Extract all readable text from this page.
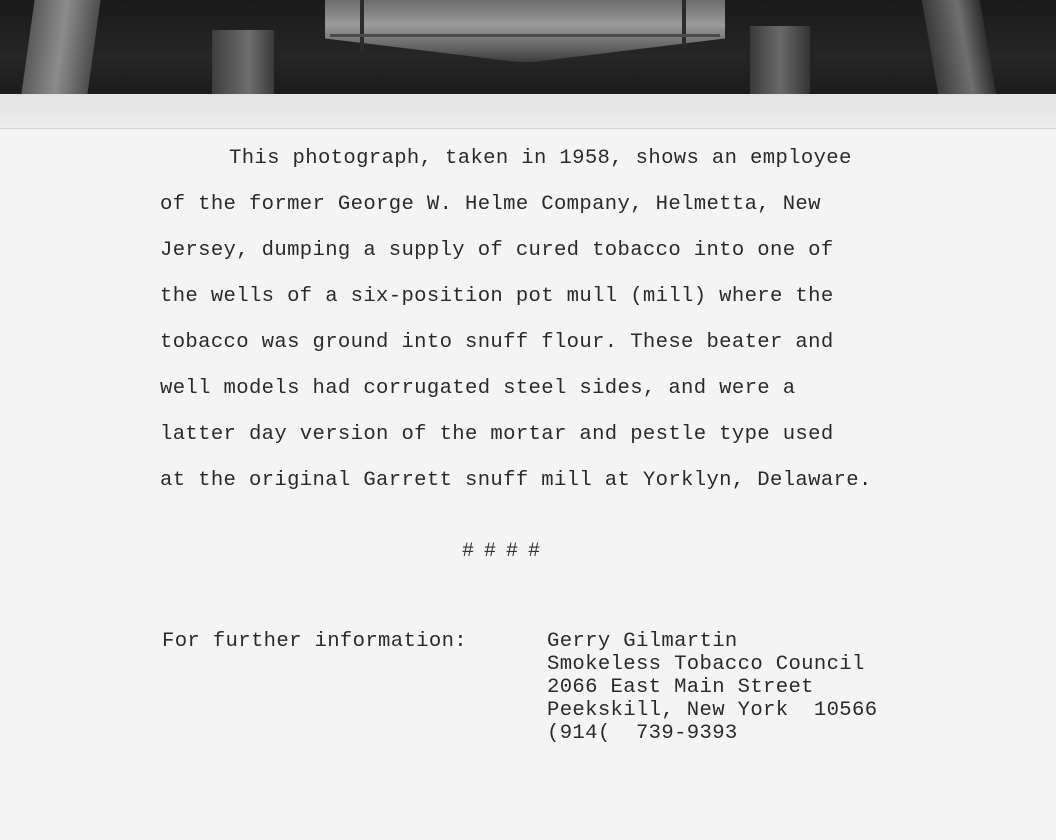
This photograph, taken in 1958, shows an employee
of the former George W. Helme Company, Helmetta, New
Jersey, dumping a supply of cured tobacco into one of
the wells of a six-position pot mull (mill) where the
tobacco was ground into snuff flour. These beater and
well models had corrugated steel sides, and were a
latter day version of the mortar and pestle type used
at the original Garrett snuff mill at Yorklyn, Delaware.
####
For further information:	Gerry Gilmartin
Smokeless Tobacco Council
2066 East Main Street
Peekskill, New York  10566
(914(  739-9393
